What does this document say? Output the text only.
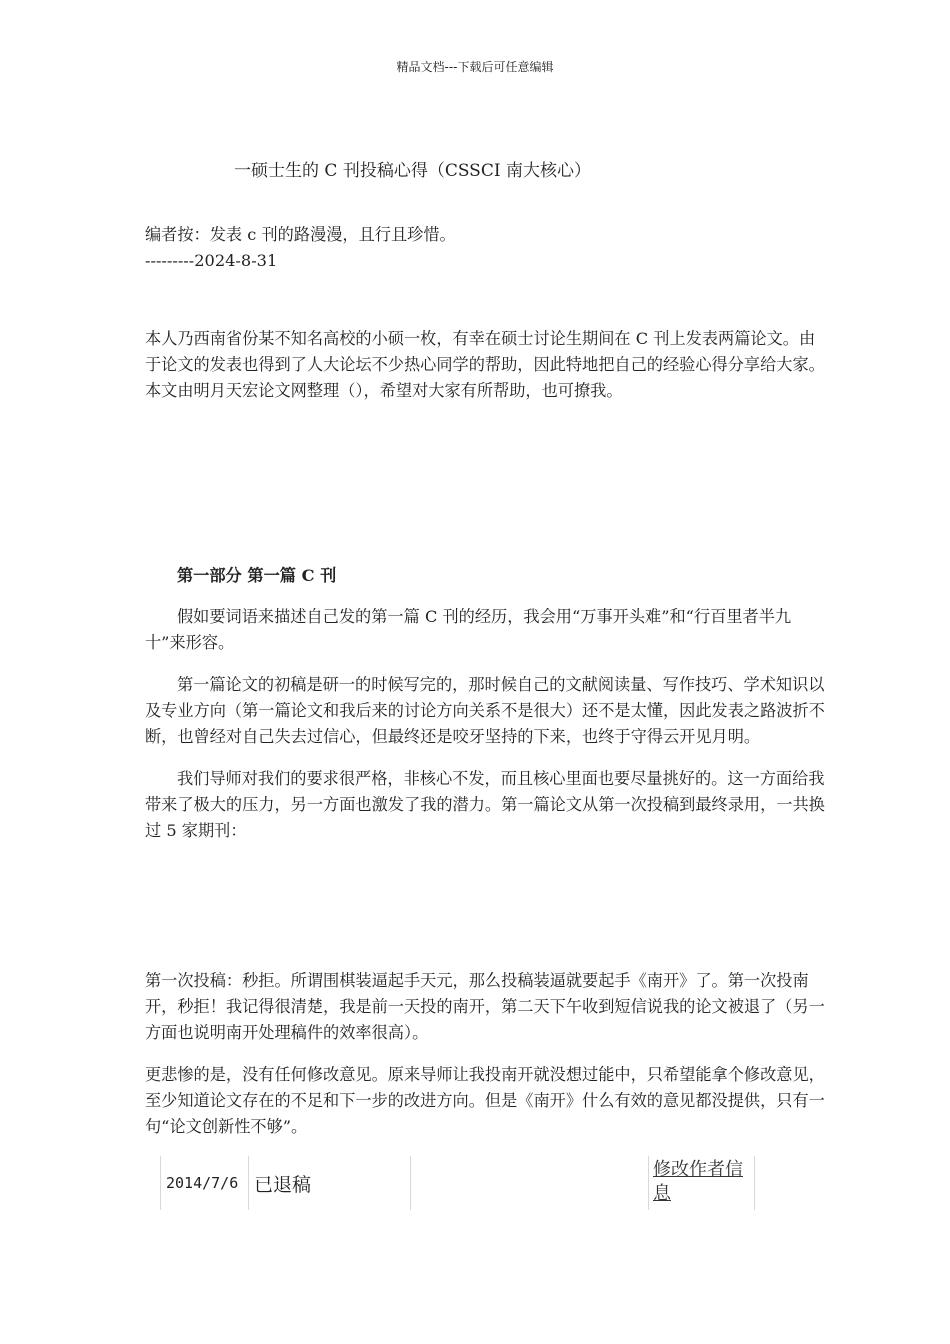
精品文档---下载后可任意编辑
一硕士生的 C 刊投稿心得（CSSCI 南大核心）

编者按：发表 c 刊的路漫漫，且行且珍惜。

---------2024-8-31

本人乃西南省份某不知名高校的小硕一枚，有幸在硕士讨论生期间在 C 刊上发表两篇论文。由于论文的发表也得到了人大论坛不少热心同学的帮助，因此特地把自己的经验心得分享给大家。 本文由明月天宏论文网整理（），希望对大家有所帮助，也可撩我。

第一部分 第一篇 C 刊

假如要词语来描述自己发的第一篇 C 刊的经历，我会用“万事开头难”和“行百里者半九十”来形容。

第一篇论文的初稿是研一的时候写完的，那时候自己的文献阅读量、写作技巧、学术知识以及专业方向（第一篇论文和我后来的讨论方向关系不是很大）还不是太懂，因此发表之路波折不断，也曾经对自己失去过信心，但最终还是咬牙坚持的下来，也终于守得云开见月明。

我们导师对我们的要求很严格，非核心不发，而且核心里面也要尽量挑好的。这一方面给我带来了极大的压力，另一方面也激发了我的潜力。第一篇论文从第一次投稿到最终录用，一共换过 5 家期刊：

第一次投稿：秒拒。所谓围棋装逼起手天元，那么投稿装逼就要起手《南开》了。第一次投南开，秒拒！我记得很清楚，我是前一天投的南开，第二天下午收到短信说我的论文被退了（另一方面也说明南开处理稿件的效率很高）。

更悲惨的是，没有任何修改意见。原来导师让我投南开就没想过能中，只希望能拿个修改意见，至少知道论文存在的不足和下一步的改进方向。但是《南开》什么有效的意见都没提供，只有一句“论文创新性不够”。

2014/7/6 已退稿
修改作者信息
